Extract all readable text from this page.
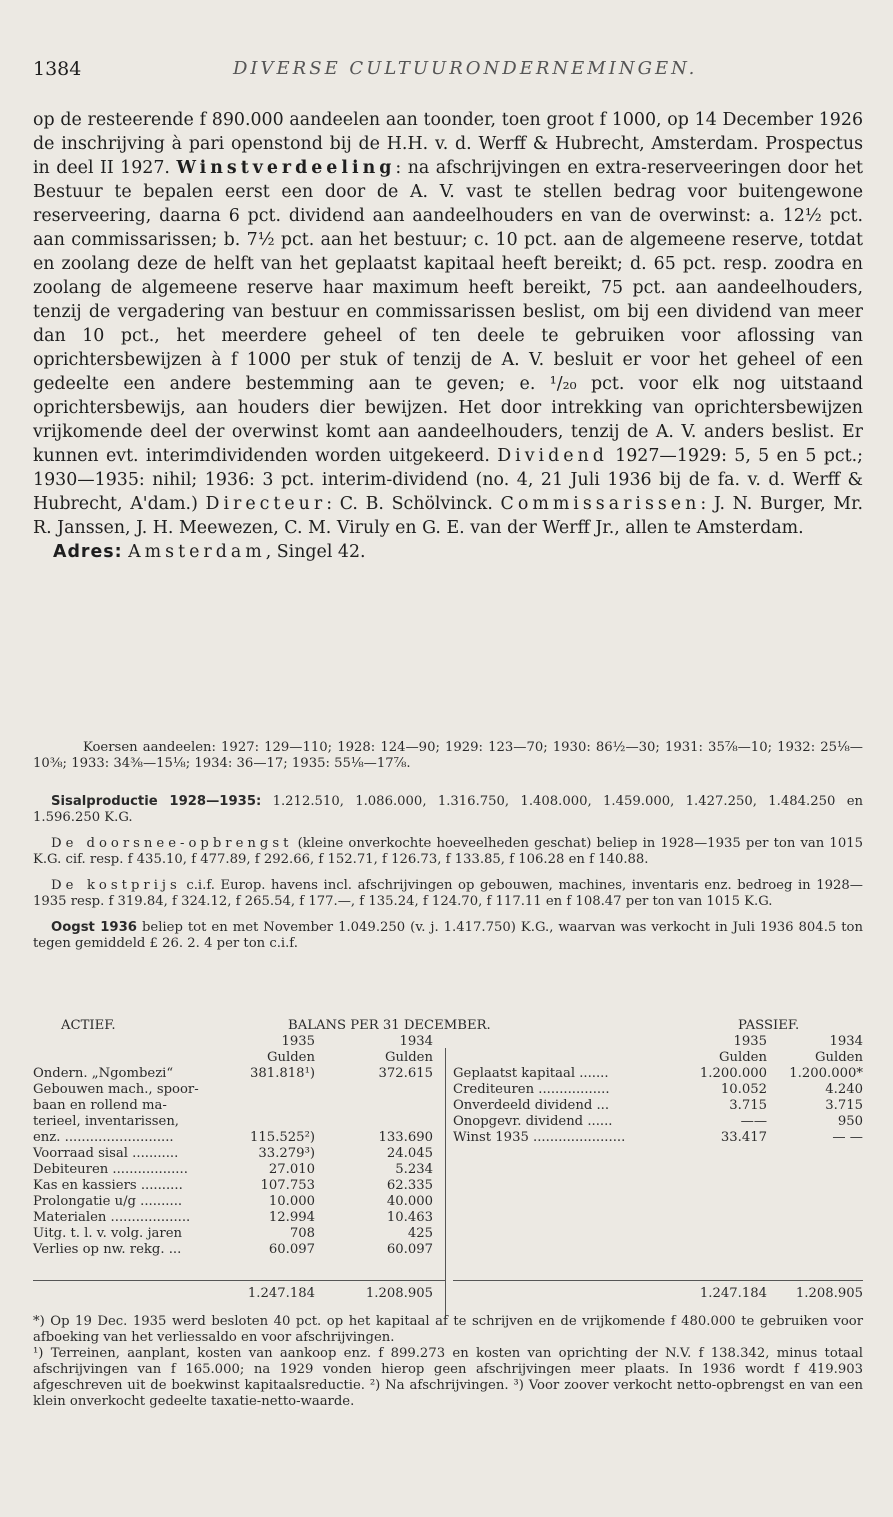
1384	DIVERSE CULTUURONDERNEMINGEN.

op de resteerende f 890.000 aandeelen aan toonder, toen groot f 1000, op 14 December 1926 de inschrijving à pari openstond bij de H.H. v. d. Werff & Hubrecht, Amsterdam. Prospectus in deel II 1927. Winstverdeeling: na afschrijvingen en extra-reserveeringen door het Bestuur te bepalen eerst een door de A. V. vast te stellen bedrag voor buitengewone reserveering, daarna 6 pct. dividend aan aandeelhouders en van de overwinst: a. 12½ pct. aan commissarissen; b. 7½ pct. aan het bestuur; c. 10 pct. aan de algemeene reserve, totdat en zoolang deze de helft van het geplaatst kapitaal heeft bereikt; d. 65 pct. resp. zoodra en zoolang de algemeene reserve haar maximum heeft bereikt, 75 pct. aan aandeelhouders, tenzij de vergadering van bestuur en commissarissen beslist, om bij een dividend van meer dan 10 pct., het meerdere geheel of ten deele te gebruiken voor aflossing van oprichtersbewijzen à f 1000 per stuk of tenzij de A. V. besluit er voor het geheel of een gedeelte een andere bestemming aan te geven; e. ¹/₂₀ pct. voor elk nog uitstaand oprichtersbewijs, aan houders dier bewijzen. Het door intrekking van oprichtersbewijzen vrijkomende deel der overwinst komt aan aandeelhouders, tenzij de A. V. anders beslist. Er kunnen evt. interimdividenden worden uitgekeerd. Dividend 1927—1929: 5, 5 en 5 pct.; 1930—1935: nihil; 1936: 3 pct. interim-dividend (no. 4, 21 Juli 1936 bij de fa. v. d. Werff & Hubrecht, A'dam.) Directeur: C. B. Schölvinck. Commissarissen: J. N. Burger, Mr. R. Janssen, J. H. Meewezen, C. M. Viruly en G. E. van der Werff Jr., allen te Amsterdam.

Adres: Amsterdam, Singel 42.

Koersen aandeelen: 1927: 129—110; 1928: 124—90; 1929: 123—70; 1930: 86½—30; 1931: 35⅞—10; 1932: 25⅛—10⅜; 1933: 34⅜—15⅛; 1934: 36—17; 1935: 55⅛—17⅞.

Sisalproductie 1928—1935: 1.212.510, 1.086.000, 1.316.750, 1.408.000, 1.459.000, 1.427.250, 1.484.250 en 1.596.250 K.G.

De doorsnee-opbrengst (kleine onverkochte hoeveelheden geschat) beliep in 1928—1935 per ton van 1015 K.G. cif. resp. f 435.10, f 477.89, f 292.66, f 152.71, f 126.73, f 133.85, f 106.28 en f 140.88.

De kostprijs c.i.f. Europ. havens incl. afschrijvingen op gebouwen, machines, inventaris enz. bedroeg in 1928—1935 resp. f 319.84, f 324.12, f 265.54, f 177.—, f 135.24, f 124.70, f 117.11 en f 108.47 per ton van 1015 K.G.

Oogst 1936 beliep tot en met November 1.049.250 (v. j. 1.417.750) K.G., waarvan was verkocht in Juli 1936 804.5 ton tegen gemiddeld £ 26. 2. 4 per ton c.i.f.

ACTIEF.	BALANS PER 31 DECEMBER.	PASSIEF.
1935	1934	1935	1934
Gulden	Gulden	Gulden	Gulden
Ondern. „Ngombezi“	381.818¹)	372.615
Gebouwen mach., spoor-
baan en rollend ma-
terieel, inventarissen,
enz. ..........................	115.525²)	133.690
Voorraad sisal ...........	33.279³)	24.045
Debiteuren ..................	27.010	5.234
Kas en kassiers ..........	107.753	62.335
Prolongatie u/g ..........	10.000	40.000
Materialen ...................	12.994	10.463
Uitg. t. l. v. volg. jaren	708	425
Verlies op nw. rekg. ...	60.097	60.097
Geplaatst kapitaal .......	1.200.000 1.200.000*
Crediteuren .................	10.052	4.240
Onverdeeld dividend ...	3.715	3.715
Onopgevr. dividend ......	——	950
Winst 1935 ......................	33.417	— —
1.247.184	1.208.905	1.247.184 1.208.905

*) Op 19 Dec. 1935 werd besloten 40 pct. op het kapitaal af te schrijven en de vrijkomende f 480.000 te gebruiken voor afboeking van het verliessaldo en voor afschrijvingen.

¹) Terreinen, aanplant, kosten van aankoop enz. f 899.273 en kosten van oprichting der N.V. f 138.342, minus totaal afschrijvingen van f 165.000; na 1929 vonden hierop geen afschrijvingen meer plaats. In 1936 wordt f 419.903 afgeschreven uit de boekwinst kapitaalsreductie. ²) Na afschrijvingen. ³) Voor zoover verkocht netto-opbrengst en van een klein onverkocht gedeelte taxatie-netto-waarde.
